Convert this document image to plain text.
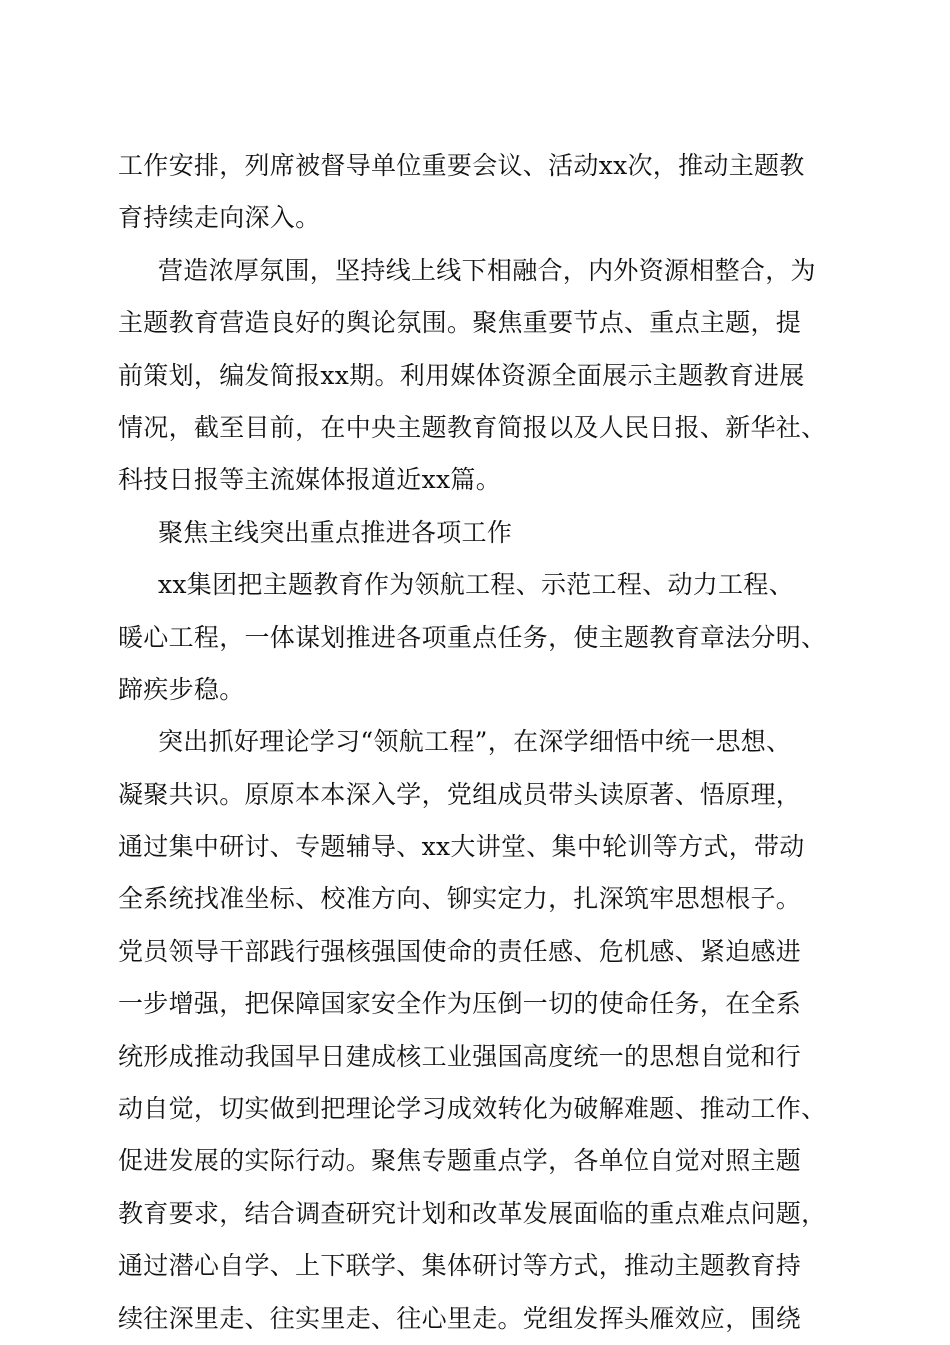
工作安排，列席被督导单位重要会议、活动xx次，推动主题教
育持续走向深入。
营造浓厚氛围，坚持线上线下相融合，内外资源相整合，为
主题教育营造良好的舆论氛围。聚焦重要节点、重点主题，提
前策划，编发简报xx期。利用媒体资源全面展示主题教育进展
情况，截至目前，在中央主题教育简报以及人民日报、新华社、
科技日报等主流媒体报道近xx篇。
聚焦主线突出重点推进各项工作
xx集团把主题教育作为领航工程、示范工程、动力工程、
暖心工程，一体谋划推进各项重点任务，使主题教育章法分明、
蹄疾步稳。
突出抓好理论学习“领航工程”，在深学细悟中统一思想、
凝聚共识。原原本本深入学，党组成员带头读原著、悟原理，
通过集中研讨、专题辅导、xx大讲堂、集中轮训等方式，带动
全系统找准坐标、校准方向、铆实定力，扎深筑牢思想根子。
党员领导干部践行强核强国使命的责任感、危机感、紧迫感进
一步增强，把保障国家安全作为压倒一切的使命任务，在全系
统形成推动我国早日建成核工业强国高度统一的思想自觉和行
动自觉，切实做到把理论学习成效转化为破解难题、推动工作、
促进发展的实际行动。聚焦专题重点学，各单位自觉对照主题
教育要求，结合调查研究计划和改革发展面临的重点难点问题，
通过潜心自学、上下联学、集体研讨等方式，推动主题教育持
续往深里走、往实里走、往心里走。党组发挥头雁效应，围绕
